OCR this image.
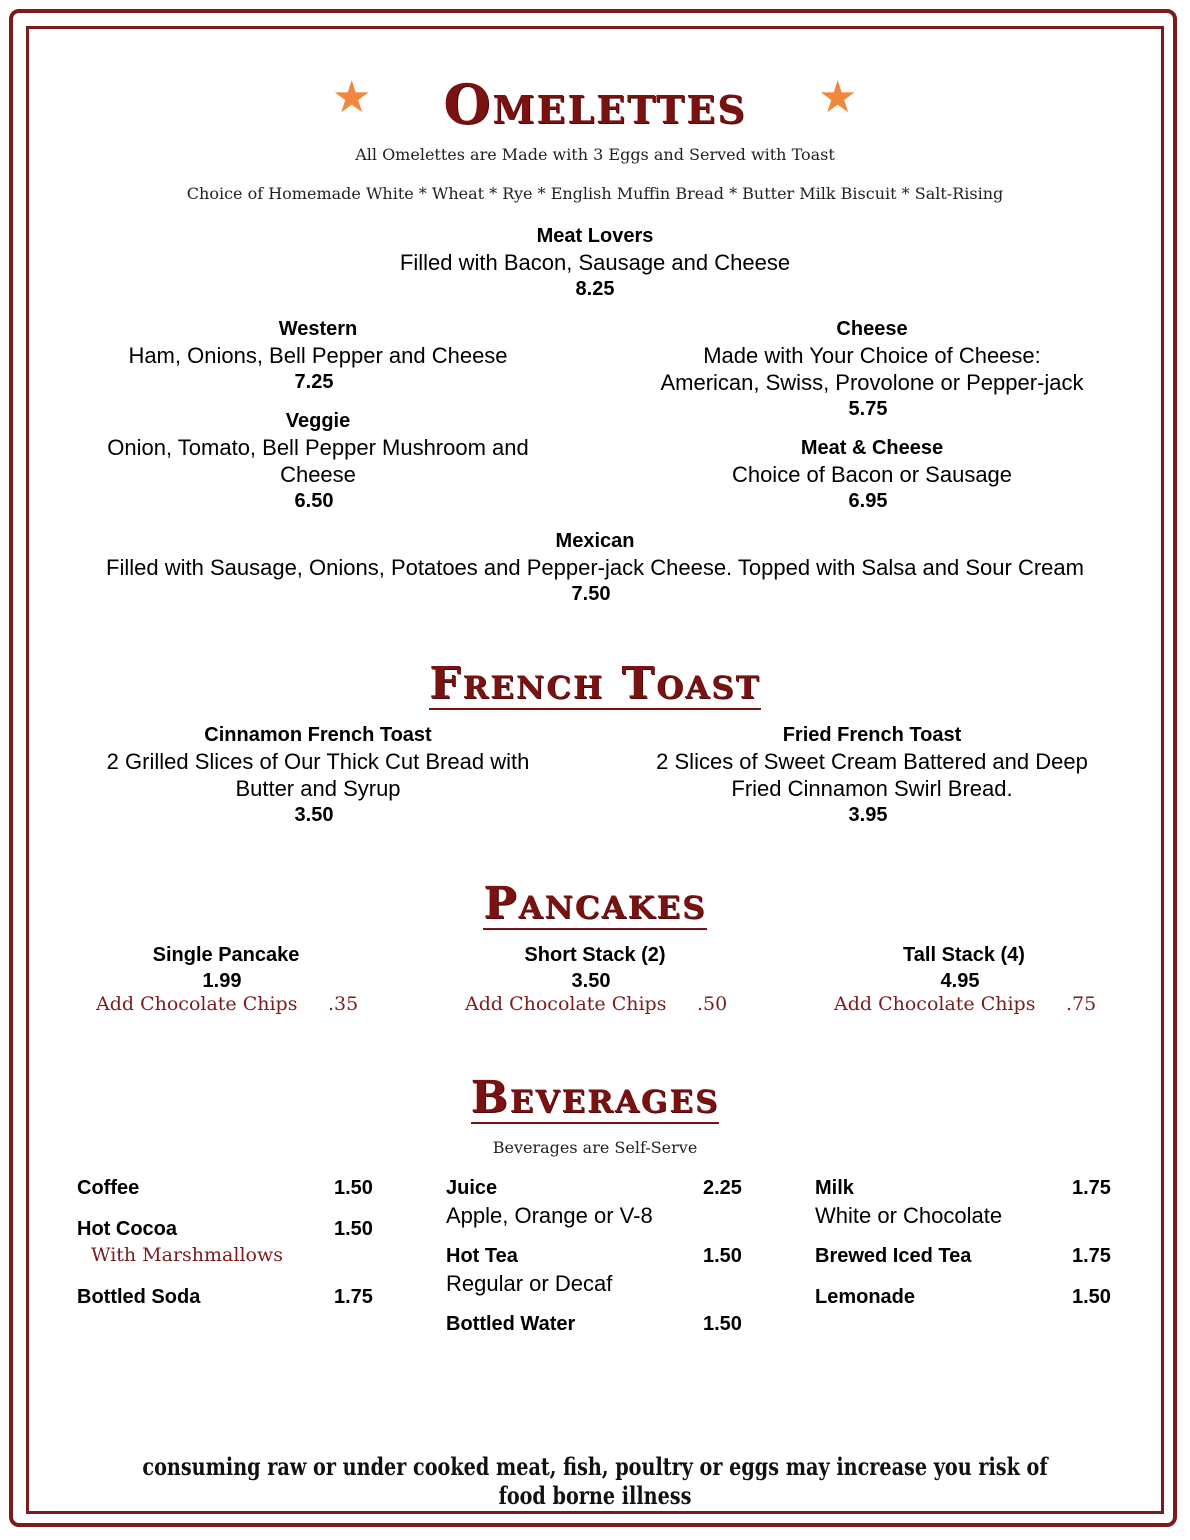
★	★
Omelettes
All Omelettes are Made with 3 Eggs and Served with Toast
Choice of Homemade White * Wheat * Rye * English Muffin Bread * Butter Milk Biscuit * Salt-Rising
Meat Lovers
Filled with Bacon, Sausage and Cheese
8.25
Western
Ham, Onions, Bell Pepper and Cheese
7.25
Cheese
Made with Your Choice of Cheese:
American, Swiss, Provolone or Pepper-jack
5.75
Veggie
Onion, Tomato, Bell Pepper Mushroom and
Cheese
6.50
Meat & Cheese
Choice of Bacon or Sausage
6.95
Mexican
Filled with Sausage, Onions, Potatoes and Pepper-jack Cheese. Topped with Salsa and Sour Cream
7.50
French Toast
Cinnamon French Toast
2 Grilled Slices of Our Thick Cut Bread with
Butter and Syrup
3.50
Fried French Toast
2 Slices of Sweet Cream Battered and Deep
Fried Cinnamon Swirl Bread.
3.95
Pancakes
Single Pancake
1.99
Add Chocolate Chips .35
Short Stack (2)
3.50
Add Chocolate Chips .50
Tall Stack (4)
4.95
Add Chocolate Chips .75
Beverages
Beverages are Self-Serve
Coffee	1.50
Hot Cocoa	1.50
With Marshmallows
Bottled Soda	1.75
Juice	2.25
Apple, Orange or V-8
Hot Tea	1.50
Regular or Decaf
Bottled Water	1.50
Milk	1.75
White or Chocolate
Brewed Iced Tea	1.75
Lemonade	1.50
consuming raw or under cooked meat, fish, poultry or eggs may increase you risk of food borne illness
